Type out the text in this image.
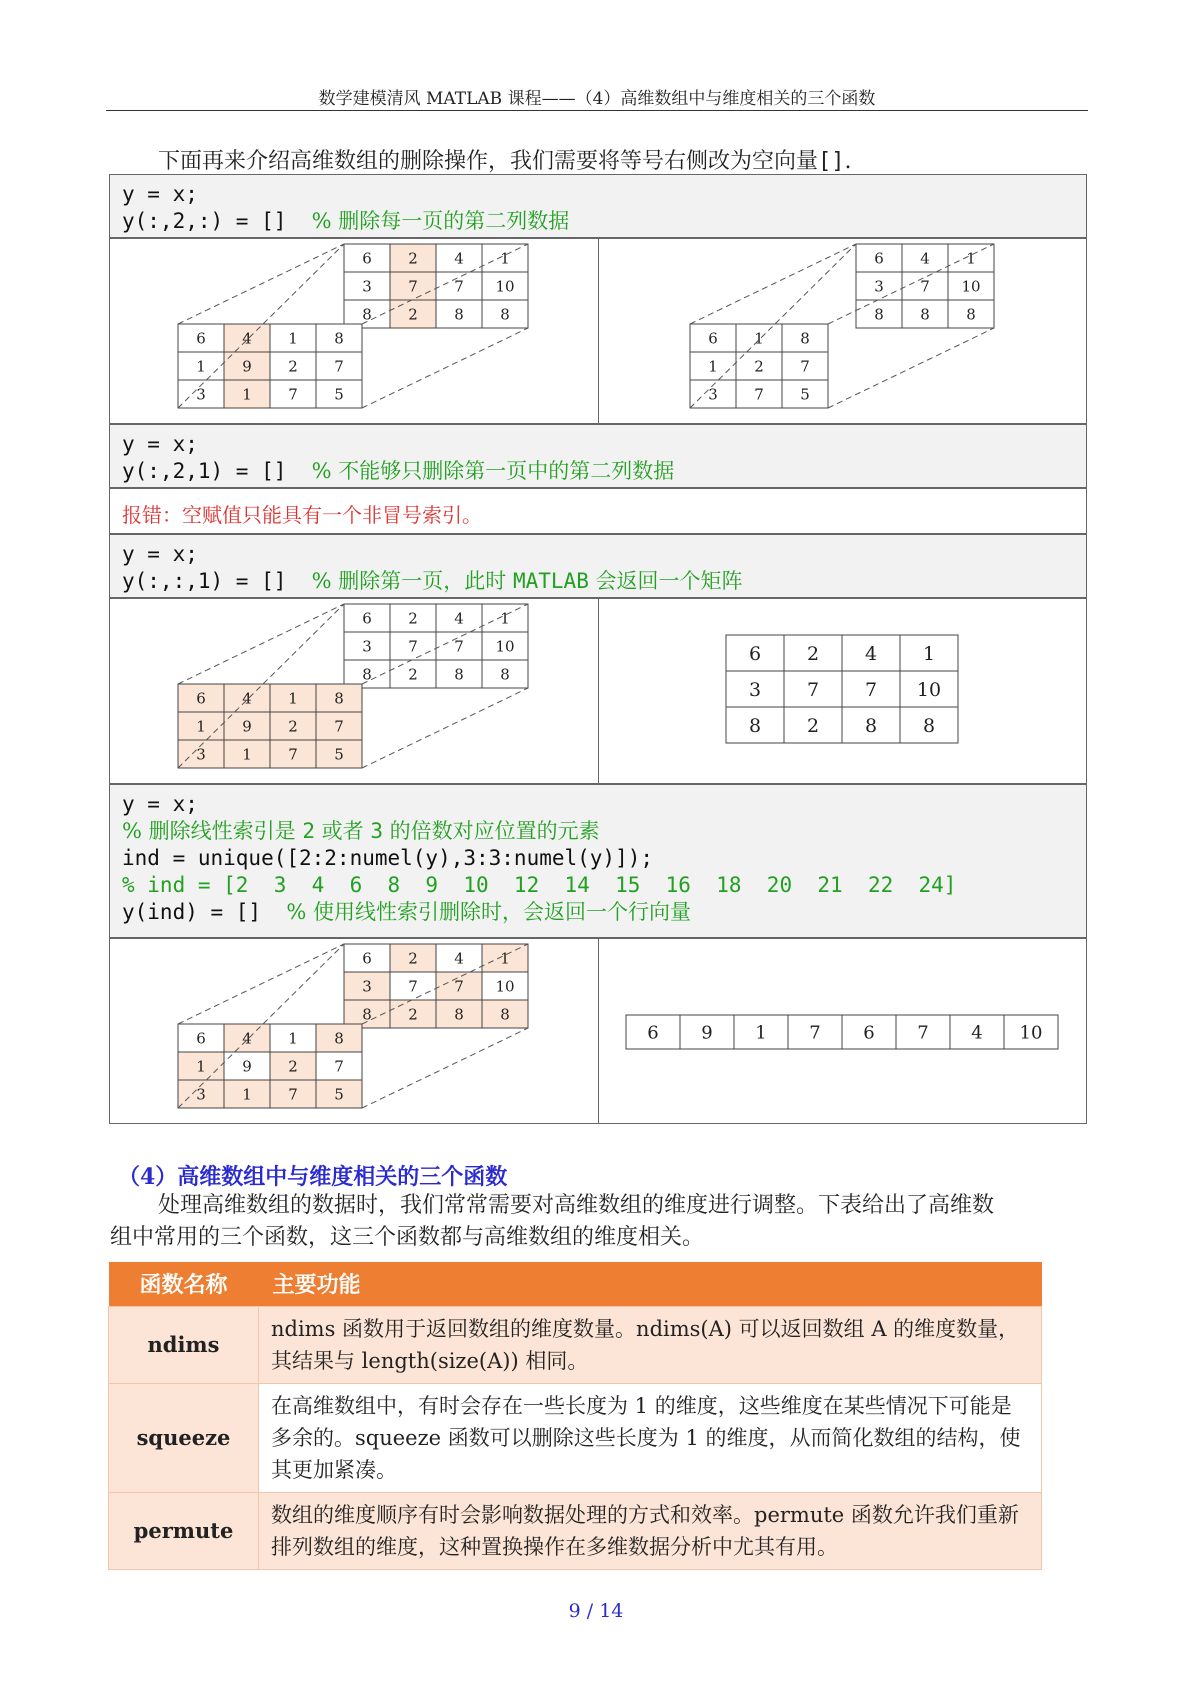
数学建模清风 MATLAB 课程——（4）高维数组中与维度相关的三个函数
下面再来介绍高维数组的删除操作，我们需要将等号右侧改为空向量[].
y = x;
y(:,2,:) = [] % 删除每一页的第二列数据
6 2 4 1
3 7 7 10
8 2 8 8
6 4 1 8
1 9 2 7
3 1 7 5
6 4 1
3 7 10
8 8 8
6 1 8
1 2 7
3 7 5
y = x;
y(:,2,1) = [] % 不能够只删除第一页中的第二列数据
报错：空赋值只能具有一个非冒号索引。
y = x;
y(:,:,1) = [] % 删除第一页，此时 MATLAB 会返回一个矩阵
6 2 4 1
3 7 7 10
8 2 8 8
6 4 1 8
1 9 2 7
3 1 7 5
6 2 4 1
3 7 7 10
8 2 8 8
y = x;
% 删除线性索引是 2 或者 3 的倍数对应位置的元素
ind = unique([2:2:numel(y),3:3:numel(y)]);
% ind = [2  3  4  6  8  9  10  12  14  15  16  18  20  21  22  24]
y(ind) = [] % 使用线性索引删除时，会返回一个行向量
6 2 4 1
3 7 7 10
8 2 8 8
6 4 1 8
1 9 2 7
3 1 7 5
6 9 1 7 6 7 4 10
（4）高维数组中与维度相关的三个函数
处理高维数组的数据时，我们常常需要对高维数组的维度进行调整。下表给出了高维数
组中常用的三个函数，这三个函数都与高维数组的维度相关。
函数名称	主要功能
ndims	ndims 函数用于返回数组的维度数量。ndims(A) 可以返回数组 A 的维度数量，其结果与 length(size(A)) 相同。
squeeze	在高维数组中，有时会存在一些长度为 1 的维度，这些维度在某些情况下可能是多余的。squeeze 函数可以删除这些长度为 1 的维度，从而简化数组的结构，使其更加紧凑。
permute	数组的维度顺序有时会影响数据处理的方式和效率。permute 函数允许我们重新排列数组的维度，这种置换操作在多维数据分析中尤其有用。
9 / 14
